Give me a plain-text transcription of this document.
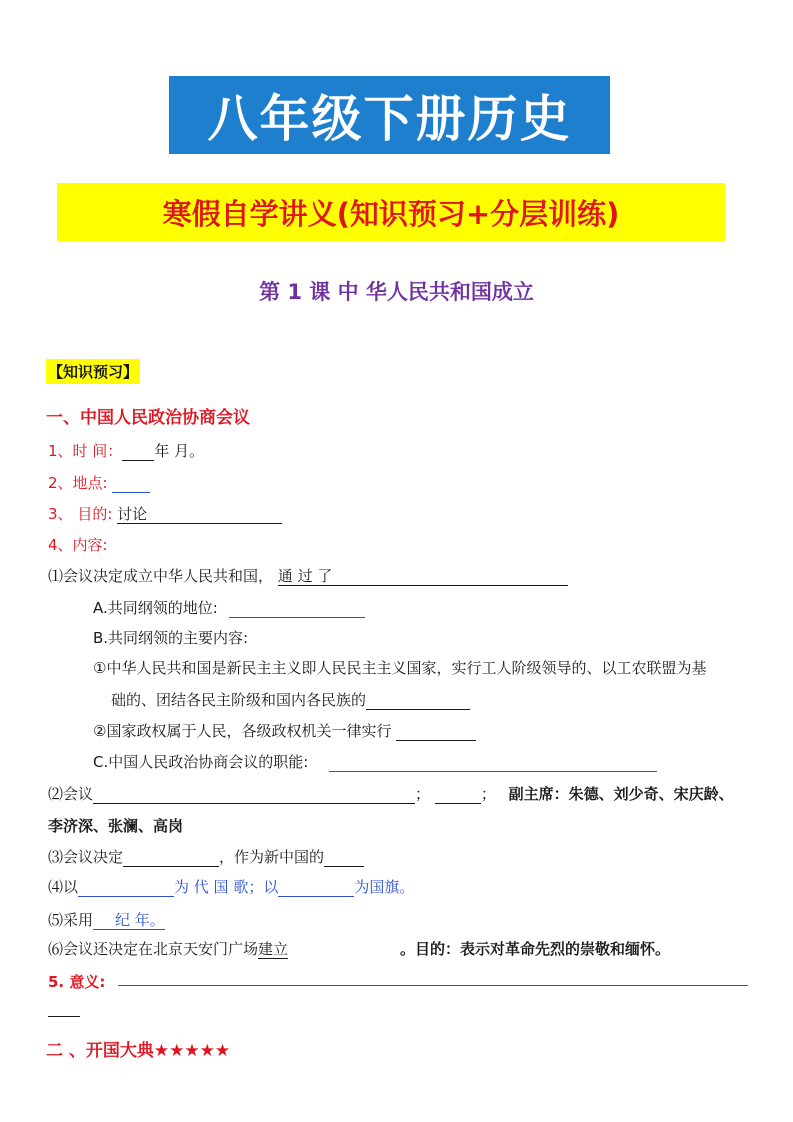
八年级下册历史
寒假自学讲义(知识预习+分层训练)
第 1 课 中 华人民共和国成立
【知识预习】
一、中国人民政治协商会议
1、时 间： 年 月。
2、地点:
3、 目的: 讨论
4、内容:
⑴会议决定成立中华人民共和国， 通 过 了
A.共同纲领的地位:
B.共同纲领的主要内容:
①中华人民共和国是新民主主义即人民民主主义国家，实行工人阶级领导的、以工农联盟为基
础的、团结各民主阶级和国内各民族的
②国家政权属于人民，各级政权机关一律实行
C.中国人民政治协商会议的职能:
⑵会议	；	； 副主席：朱德、刘少奇、宋庆龄、
李济深、张澜、高岗
⑶会议决定	，作为新中国的
⑷以	为 代 国 歌；以	为国旗。
⑸采用 纪 年。
⑹会议还决定在北京天安门广场建立	。目的：表示对革命先烈的崇敬和缅怀。
5. 意义:
二 、开国大典★★★★★
